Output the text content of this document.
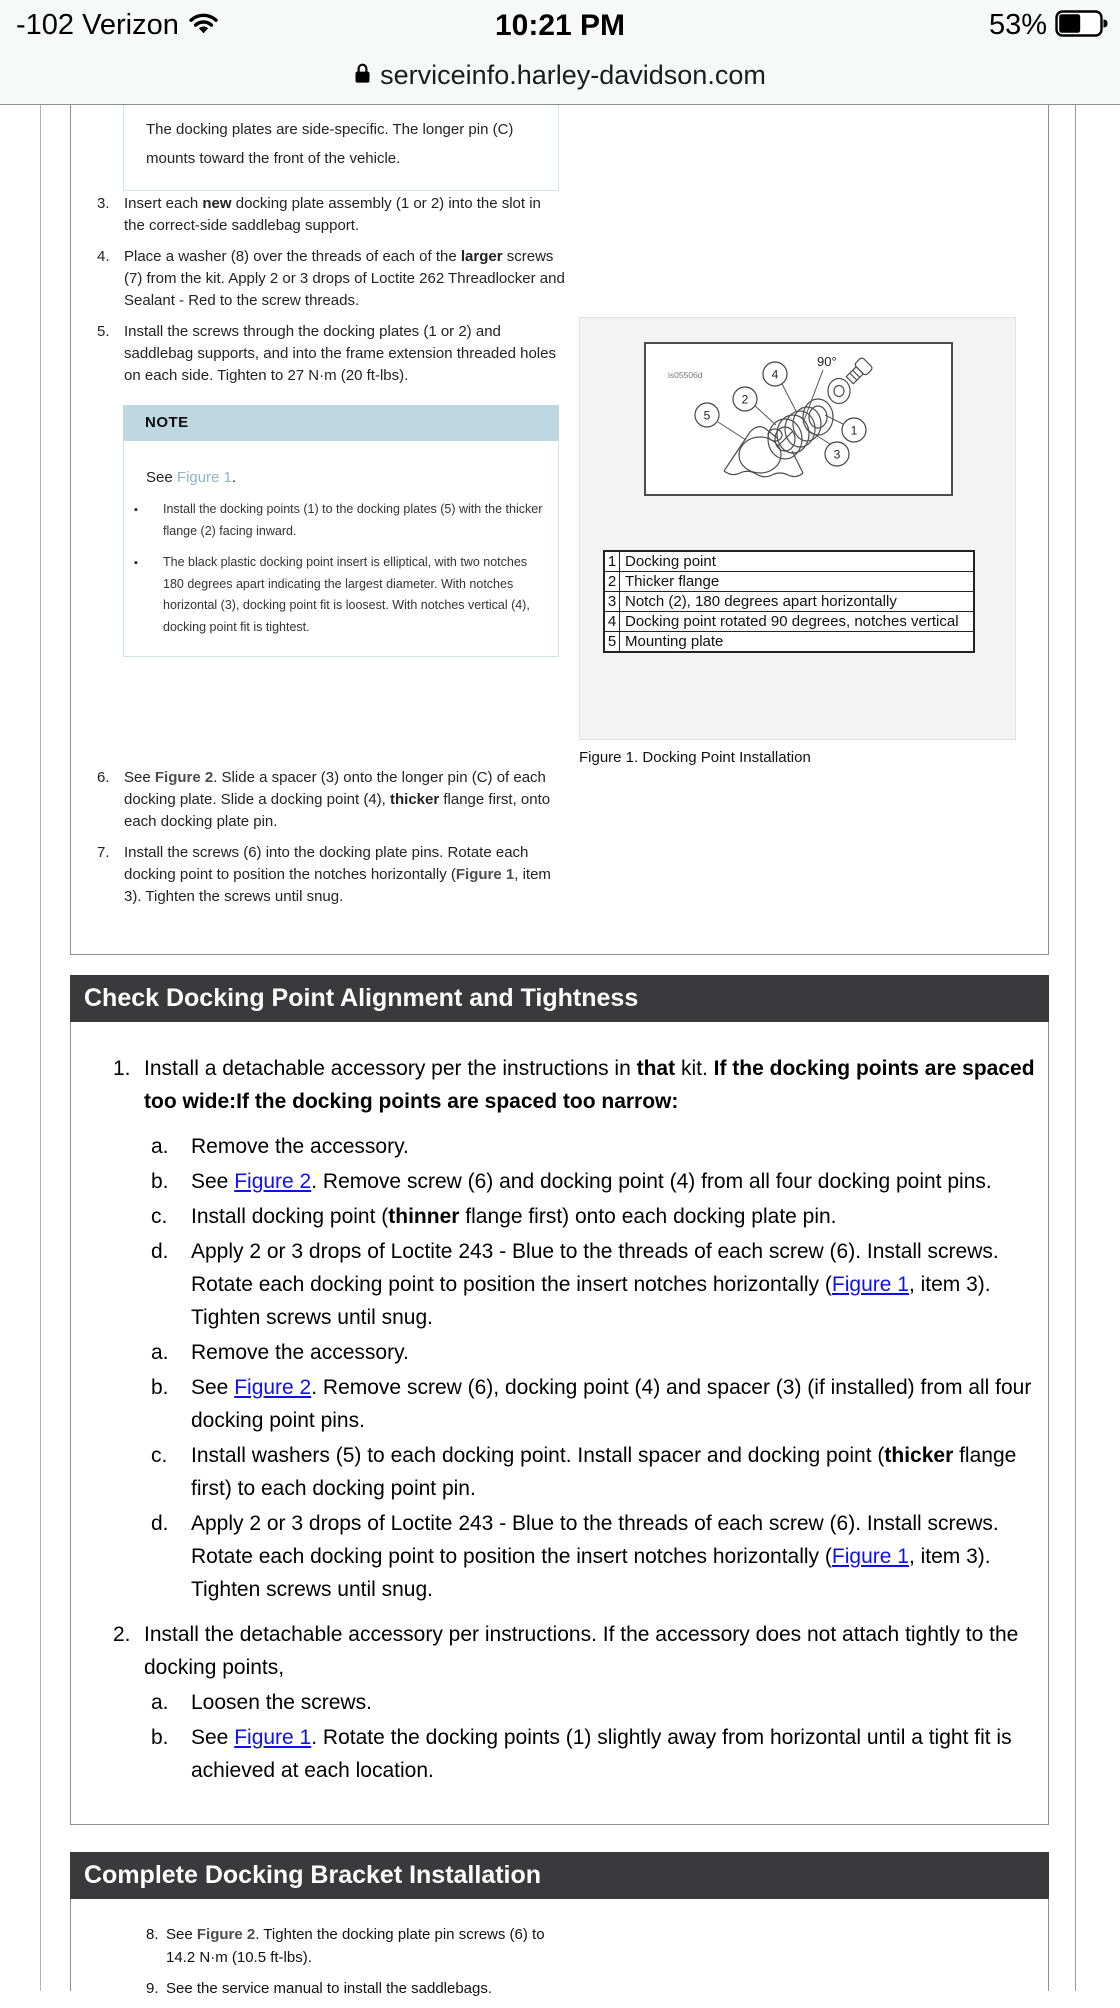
-102 Verizon	10:21 PM	53%
serviceinfo.harley-davidson.com
The docking plates are side-specific. The longer pin (C) mounts toward the front of the vehicle.
3. Insert each new docking plate assembly (1 or 2) into the slot in the correct-side saddlebag support.
4. Place a washer (8) over the threads of each of the larger screws (7) from the kit. Apply 2 or 3 drops of Loctite 262 Threadlocker and Sealant - Red to the screw threads.
5. Install the screws through the docking plates (1 or 2) and saddlebag supports, and into the frame extension threaded holes on each side. Tighten to 27 N·m (20 ft-lbs).
NOTE

See Figure 1.

▪ Install the docking points (1) to the docking plates (5) with the thicker flange (2) facing inward.
▪ The black plastic docking point insert is elliptical, with two notches 180 degrees apart indicating the largest diameter. With notches horizontal (3), docking point fit is loosest. With notches vertical (4), docking point fit is tightest.
6. See Figure 2. Slide a spacer (3) onto the longer pin (C) of each docking plate. Slide a docking point (4), thicker flange first, onto each docking plate pin.
7. Install the screws (6) into the docking plate pins. Rotate each docking point to position the notches horizontally (Figure 1, item 3). Tighten the screws until snug.
4
2
5
1
3
90°
is05506d
1	Docking point
2	Thicker flange
3	Notch (2), 180 degrees apart horizontally
4	Docking point rotated 90 degrees, notches vertical
5	Mounting plate
Figure 1. Docking Point Installation
Check Docking Point Alignment and Tightness
1. Install a detachable accessory per the instructions in that kit. If the docking points are spaced too wide:If the docking points are spaced too narrow:
a. Remove the accessory.
b. See Figure 2. Remove screw (6) and docking point (4) from all four docking point pins.
c. Install docking point (thinner flange first) onto each docking plate pin.
d. Apply 2 or 3 drops of Loctite 243 - Blue to the threads of each screw (6). Install screws. Rotate each docking point to position the insert notches horizontally (Figure 1, item 3). Tighten screws until snug.
a. Remove the accessory.
b. See Figure 2. Remove screw (6), docking point (4) and spacer (3) (if installed) from all four docking point pins.
c. Install washers (5) to each docking point. Install spacer and docking point (thicker flange first) to each docking point pin.
d. Apply 2 or 3 drops of Loctite 243 - Blue to the threads of each screw (6). Install screws. Rotate each docking point to position the insert notches horizontally (Figure 1, item 3). Tighten screws until snug.
2. Install the detachable accessory per instructions. If the accessory does not attach tightly to the docking points,
a. Loosen the screws.
b. See Figure 1. Rotate the docking points (1) slightly away from horizontal until a tight fit is achieved at each location.
Complete Docking Bracket Installation
8. See Figure 2. Tighten the docking plate pin screws (6) to
14.2 N·m (10.5 ft-lbs).
9. See the service manual to install the saddlebags.
